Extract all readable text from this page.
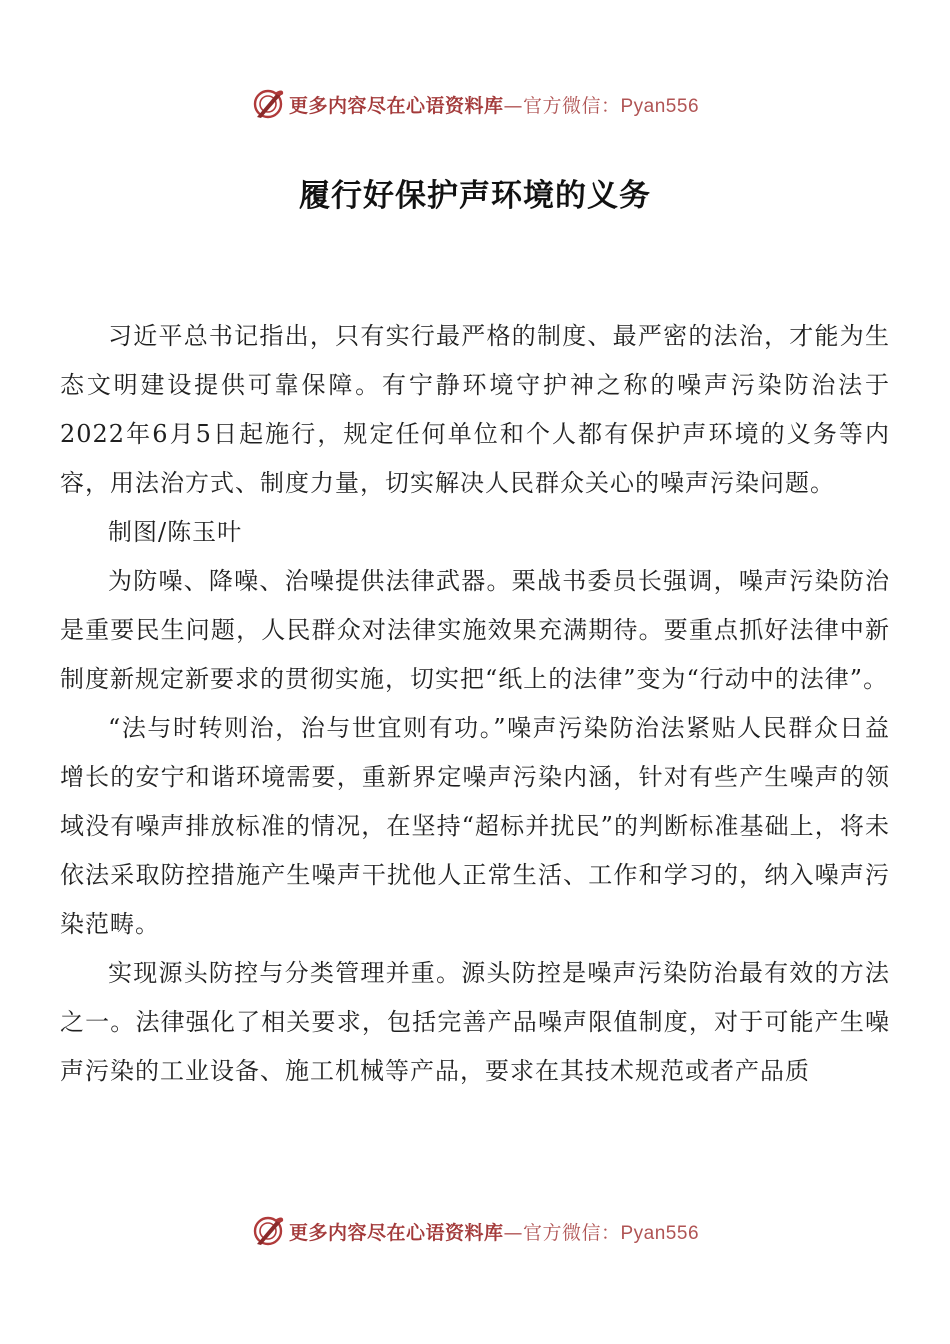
更多内容尽在心语资料库—官方微信：Pyan556
履行好保护声环境的义务

习近平总书记指出，只有实行最严格的制度、最严密的法治，才能为生态文明建设提供可靠保障。有宁静环境守护神之称的噪声污染防治法于2022年6月5日起施行，规定任何单位和个人都有保护声环境的义务等内容，用法治方式、制度力量，切实解决人民群众关心的噪声污染问题。

制图/陈玉叶

为防噪、降噪、治噪提供法律武器。栗战书委员长强调，噪声污染防治是重要民生问题，人民群众对法律实施效果充满期待。要重点抓好法律中新制度新规定新要求的贯彻实施，切实把“纸上的法律”变为“行动中的法律”。

“法与时转则治，治与世宜则有功。”噪声污染防治法紧贴人民群众日益增长的安宁和谐环境需要，重新界定噪声污染内涵，针对有些产生噪声的领域没有噪声排放标准的情况，在坚持“超标并扰民”的判断标准基础上，将未依法采取防控措施产生噪声干扰他人正常生活、工作和学习的，纳入噪声污染范畴。

实现源头防控与分类管理并重。源头防控是噪声污染防治最有效的方法之一。法律强化了相关要求，包括完善产品噪声限值制度，对于可能产生噪声污染的工业设备、施工机械等产品，要求在其技术规范或者产品质

更多内容尽在心语资料库—官方微信：Pyan556
